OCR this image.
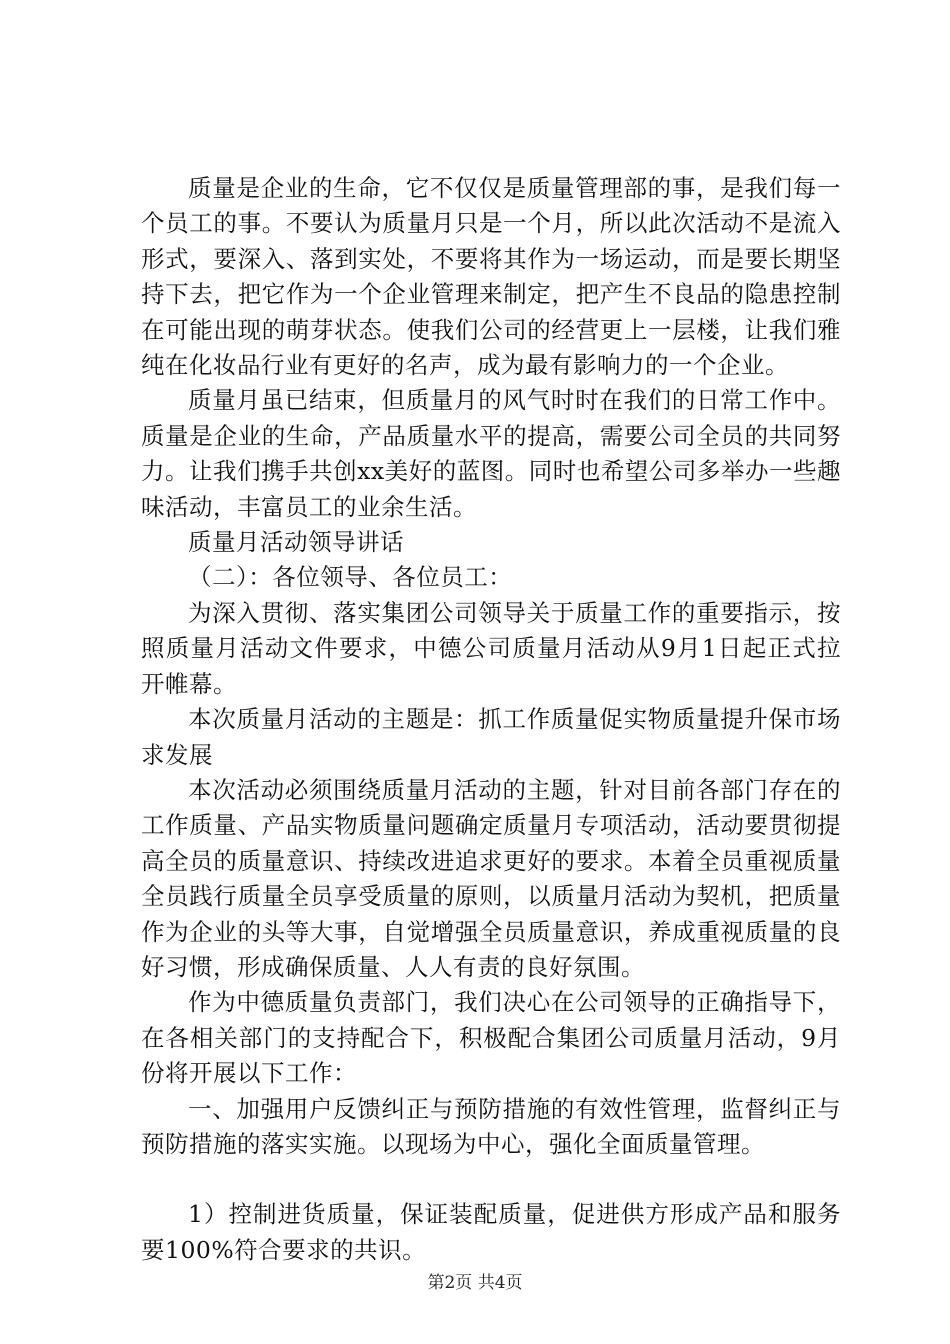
质量是企业的生命，它不仅仅是质量管理部的事，是我们每一个员工的事。不要认为质量月只是一个月，所以此次活动不是流入形式，要深入、落到实处，不要将其作为一场运动，而是要长期坚持下去，把它作为一个企业管理来制定，把产生不良品的隐患控制在可能出现的萌芽状态。使我们公司的经营更上一层楼，让我们雅纯在化妆品行业有更好的名声，成为最有影响力的一个企业。

质量月虽已结束，但质量月的风气时时在我们的日常工作中。质量是企业的生命，产品质量水平的提高，需要公司全员的共同努力。让我们携手共创xx美好的蓝图。同时也希望公司多举办一些趣味活动，丰富员工的业余生活。

质量月活动领导讲话

（二）：各位领导、各位员工：

为深入贯彻、落实集团公司领导关于质量工作的重要指示，按照质量月活动文件要求，中德公司质量月活动从9月1日起正式拉开帷幕。

本次质量月活动的主题是：抓工作质量促实物质量提升保市场求发展

本次活动必须围绕质量月活动的主题，针对目前各部门存在的工作质量、产品实物质量问题确定质量月专项活动，活动要贯彻提高全员的质量意识、持续改进追求更好的要求。本着全员重视质量全员践行质量全员享受质量的原则，以质量月活动为契机，把质量作为企业的头等大事，自觉增强全员质量意识，养成重视质量的良好习惯，形成确保质量、人人有责的良好氛围。

作为中德质量负责部门，我们决心在公司领导的正确指导下，在各相关部门的支持配合下，积极配合集团公司质量月活动，9月份将开展以下工作：

一、加强用户反馈纠正与预防措施的有效性管理，监督纠正与预防措施的落实实施。以现场为中心，强化全面质量管理。

1）控制进货质量，保证装配质量，促进供方形成产品和服务要100%符合要求的共识。

第2页 共4页
